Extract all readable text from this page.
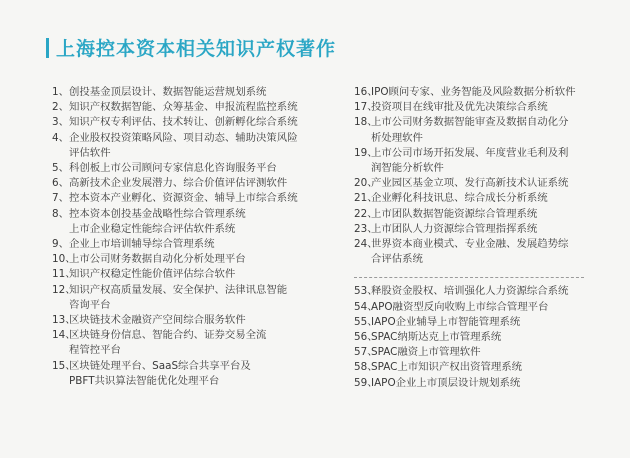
上海控本资本相关知识产权著作
1、 创投基金顶层设计、数据智能运营规划系统
2、 知识产权数据智能、众筹基金、申报流程监控系统
3、 知识产权专利评估、技术转让、创新孵化综合系统
4、 企业股权投资策略风险、项目动态、辅助决策风险
评估软件
5、 科创板上市公司顾问专家信息化咨询服务平台
6、 高新技术企业发展潜力、综合价值评估评测软件
7、 控本资本产业孵化、资源资金、辅导上市综合系统
8、 控本资本创投基金战略性综合管理系统
上市企业稳定性能综合评估软件系统
9、 企业上市培训辅导综合管理系统
10、
上市公司财务数据自动化分析处理平台
11、
知识产权稳定性能价值评估综合软件
12、
知识产权高质量发展、安全保护、法律讯息智能
咨询平台
13、
区块链技术金融资产空间综合服务软件
14、
区块链身份信息、智能合约、证券交易全流
程管控平台
15、
区块链处理平台、SaaS综合共享平台及
PBFT共识算法智能优化处理平台
16、
IPO顾问专家、业务智能及风险数据分析软件
17、
投资项目在线审批及优先决策综合系统
18、
上市公司财务数据智能审查及数据自动化分
析处理软件
19、
上市公司市场开拓发展、年度营业毛利及利
润智能分析软件
20、
产业园区基金立项、发行高新技术认证系统
21、
企业孵化科技讯息、综合成长分析系统
22、
上市团队数据智能资源综合管理系统
23、
上市团队人力资源综合管理指挥系统
24、
世界资本商业模式、专业金融、发展趋势综
合评估系统
53、
释股资金股权、培训强化人力资源综合系统
54、
APO融资型反向收购上市综合管理平台
55、
IAPO企业辅导上市智能管理系统
56、
SPAC纳斯达克上市管理系统
57、
SPAC融资上市管理软件
58、
SPAC上市知识产权出资管理系统
59、
IAPO企业上市顶层设计规划系统
